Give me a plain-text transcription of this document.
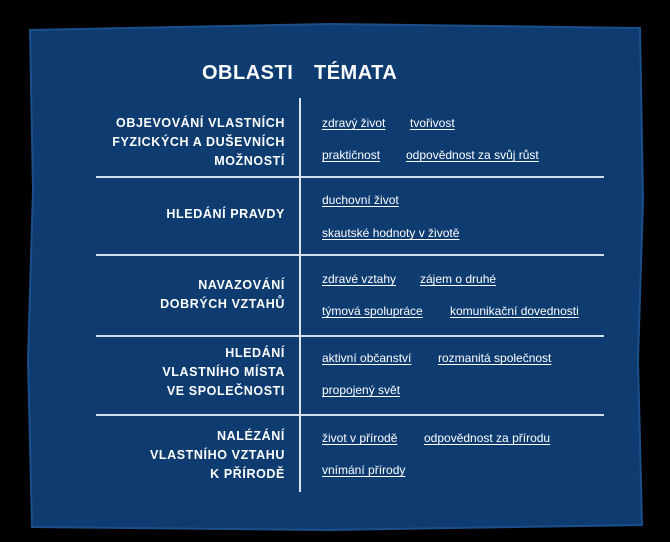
OBLASTI TÉMATA
OBJEVOVÁNÍ VLASTNÍCH
FYZICKÝCH A DUŠEVNÍCH
MOŽNOSTÍ
zdravý život tvořivost
praktičnost odpovědnost za svůj růst
HLEDÁNÍ PRAVDY
duchovní život
skautské hodnoty v životě
NAVAZOVÁNÍ
DOBRÝCH VZTAHŮ
zdravé vztahy zájem o druhé
týmová spolupráce komunikační dovednosti
HLEDÁNÍ
VLASTNÍHO MÍSTA
VE SPOLEČNOSTI
aktivní občanství rozmanitá společnost
propojený svět
NALÉZÁNÍ
VLASTNÍHO VZTAHU
K PŘÍRODĚ
život v přírodě odpovědnost za přírodu
vnímání přírody
